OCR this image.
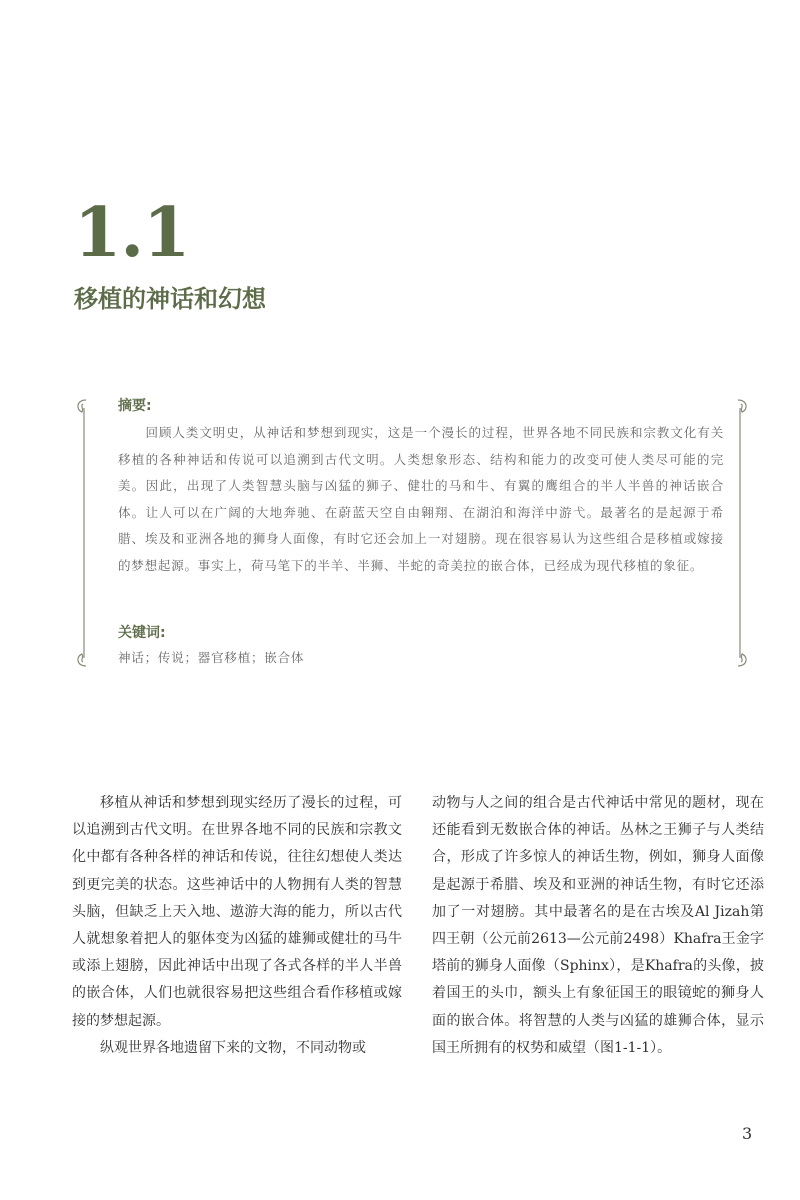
1.1
移植的神话和幻想

摘要:

回顾人类文明史，从神话和梦想到现实，这是一个漫长的过程，世界各地不同民族和宗教文化有关移植的各种神话和传说可以追溯到古代文明。人类想象形态、结构和能力的改变可使人类尽可能的完美。因此，出现了人类智慧头脑与凶猛的狮子、健壮的马和牛、有翼的鹰组合的半人半兽的神话嵌合体。让人可以在广阔的大地奔驰、在蔚蓝天空自由翱翔、在湖泊和海洋中游弋。最著名的是起源于希腊、埃及和亚洲各地的狮身人面像，有时它还会加上一对翅膀。现在很容易认为这些组合是移植或嫁接的梦想起源。事实上，荷马笔下的半羊、半狮、半蛇的奇美拉的嵌合体，已经成为现代移植的象征。

关键词:

神话；传说；器官移植；嵌合体

移植从神话和梦想到现实经历了漫长的过程，可以追溯到古代文明。在世界各地不同的民族和宗教文化中都有各种各样的神话和传说，往往幻想使人类达到更完美的状态。这些神话中的人物拥有人类的智慧头脑，但缺乏上天入地、遨游大海的能力，所以古代人就想象着把人的躯体变为凶猛的雄狮或健壮的马牛或添上翅膀，因此神话中出现了各式各样的半人半兽的嵌合体，人们也就很容易把这些组合看作移植或嫁接的梦想起源。

纵观世界各地遗留下来的文物，不同动物或

动物与人之间的组合是古代神话中常见的题材，现在还能看到无数嵌合体的神话。丛林之王狮子与人类结合，形成了许多惊人的神话生物，例如，狮身人面像是起源于希腊、埃及和亚洲的神话生物，有时它还添加了一对翅膀。其中最著名的是在古埃及Al Jizah第四王朝（公元前2613—公元前2498）Khafra王金字塔前的狮身人面像（Sphinx），是Khafra的头像，披着国王的头巾，额头上有象征国王的眼镜蛇的狮身人面的嵌合体。将智慧的人类与凶猛的雄狮合体，显示国王所拥有的权势和威望（图1-1-1）。

3
